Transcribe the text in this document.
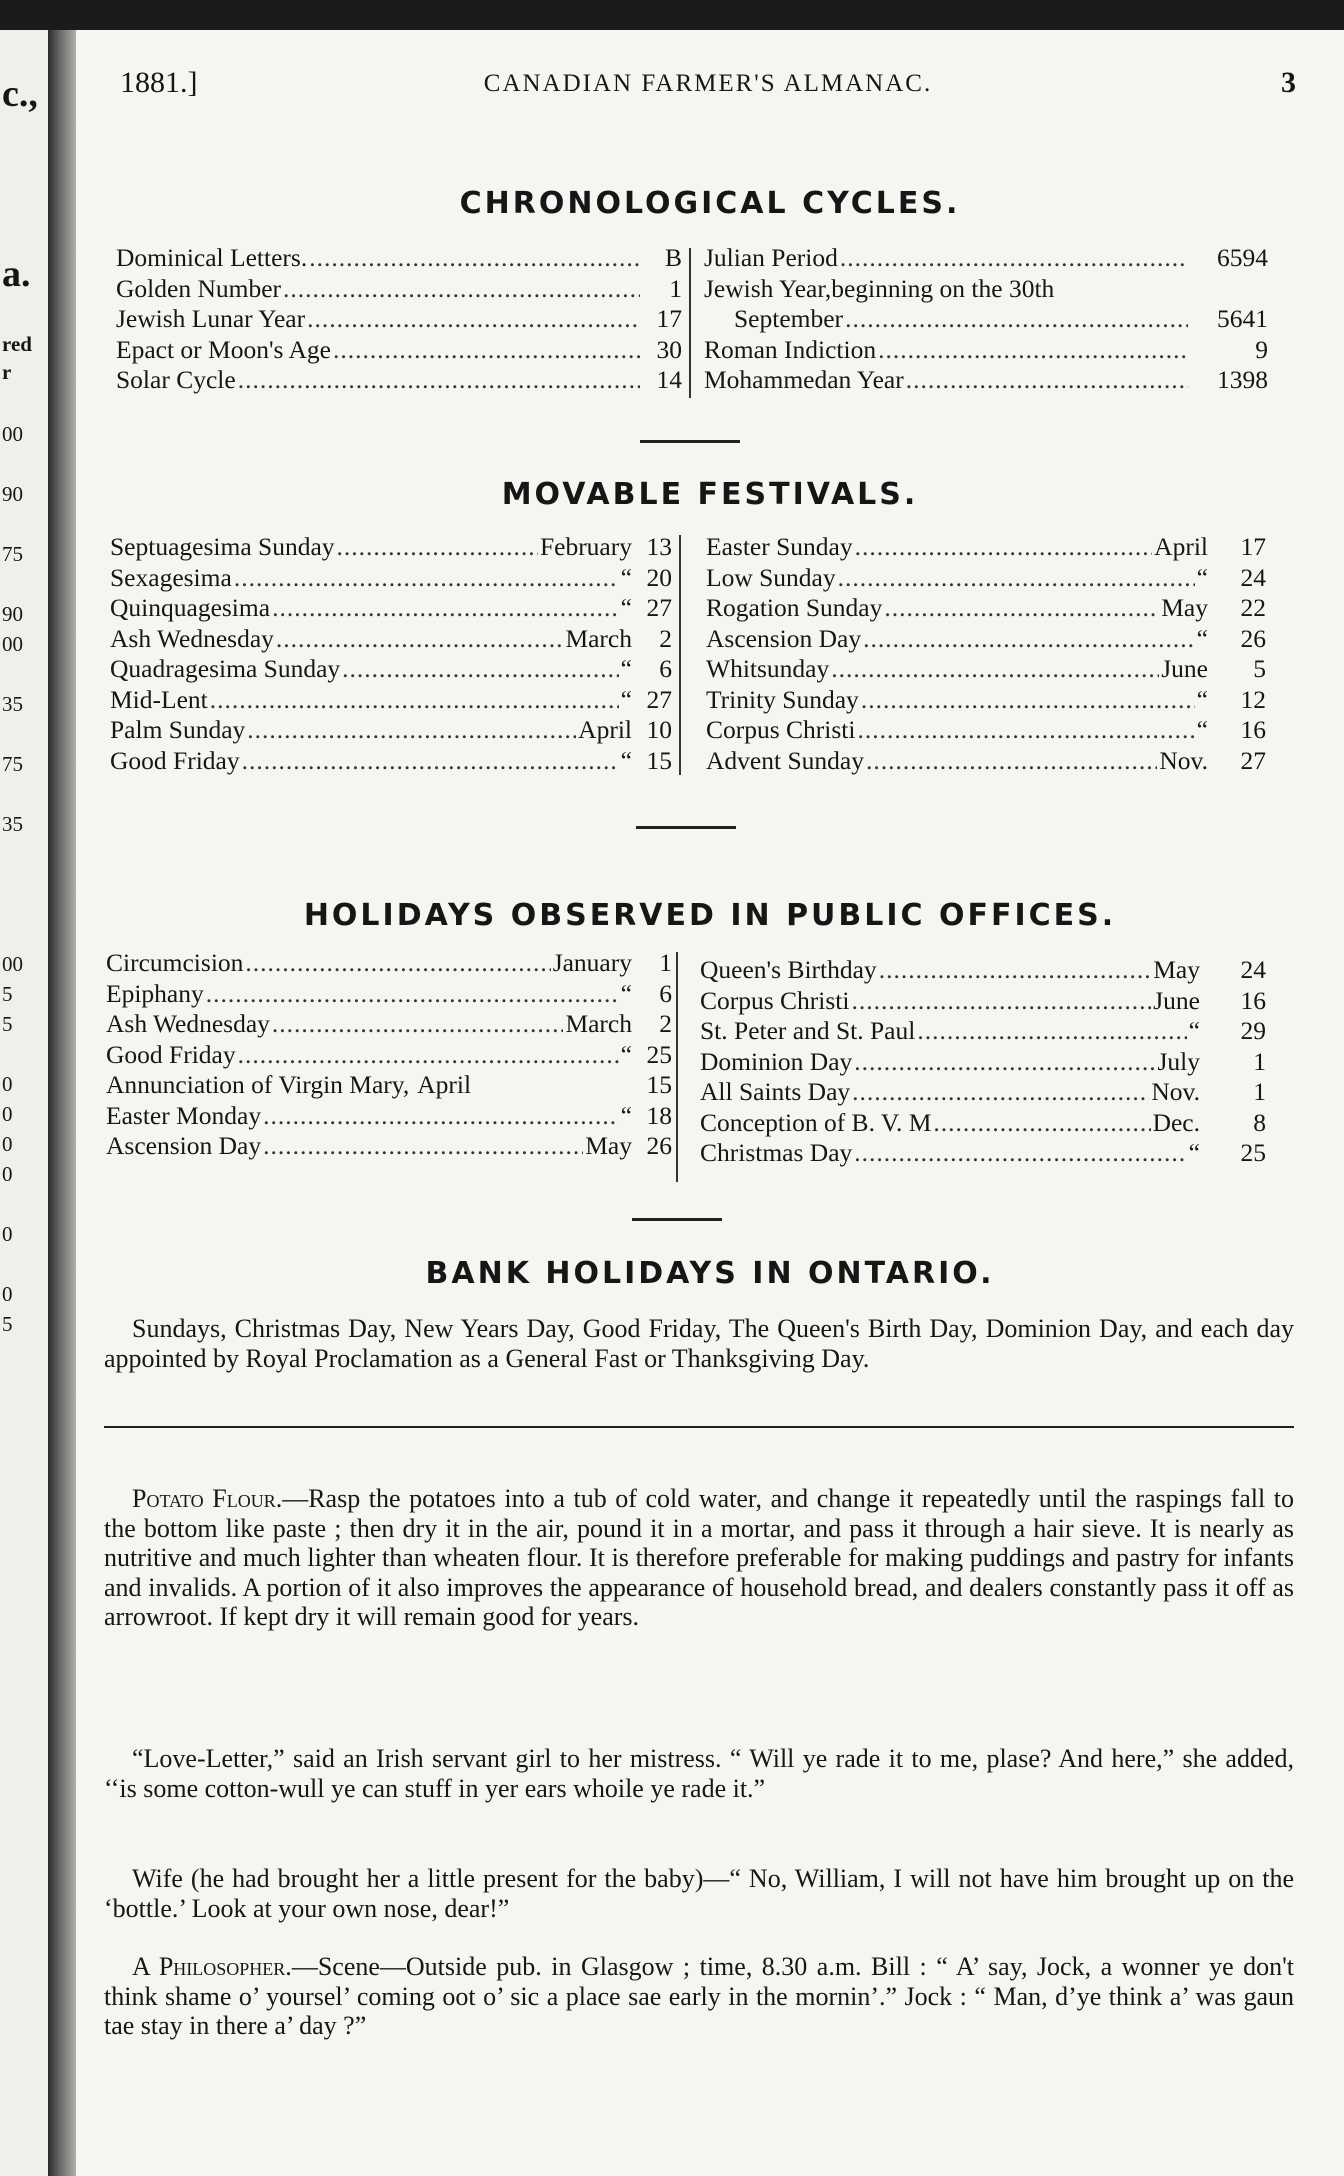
c.,
a.
red
r
00
90
75
90
00
35
75
35
00
5
5
0
0
0
0
0
0
5
1881.]	CANADIAN FARMER'S ALMANAC.	3
CHRONOLOGICAL CYCLES.
Dominical Letters. .....	B
Golden Number .....	1
Jewish Lunar Year .....	17
Epact or Moon's Age .....	30
Solar Cycle .....	14
Julian Period .....	6594
Jewish Year,beginning on the 30th
September .....	5641
Roman Indiction .....	9
Mohammedan Year .....	1398
MOVABLE FESTIVALS.
Septuagesima Sunday .....	February 13
Sexagesima .....	“ 20
Quinquagesima .....	“ 27
Ash Wednesday .....	March	2
Quadragesima Sunday .....	“	6
Mid-Lent .....	“ 27
Palm Sunday .....	April 10
Good Friday .....	“ 15
Easter Sunday .....	April	17
Low Sunday .....	“	24
Rogation Sunday .....	May	22
Ascension Day .....	“	26
Whitsunday .....	June	5
Trinity Sunday .....	“	12
Corpus Christi .....	“	16
Advent Sunday .....	Nov.	27
HOLIDAYS OBSERVED IN PUBLIC OFFICES.
Circumcision .....	January	1
Epiphany .....	“	6
Ash Wednesday .....	March	2
Good Friday .....	“ 25
Annunciation of Virgin Mary, April	15
Easter Monday .....	“ 18
Ascension Day .....	May 26
Queen's Birthday .....	May	24
Corpus Christi .....	June	16
St. Peter and St. Paul .....	“	29
Dominion Day .....	July	1
All Saints Day .....	Nov.	1
Conception of B. V. M .....	Dec.	8
Christmas Day .....	“	25
BANK HOLIDAYS IN ONTARIO.
Sundays, Christmas Day, New Years Day, Good Friday, The Queen's Birth Day, Dominion Day, and each day appointed by Royal Proclamation as a General Fast or Thanksgiving Day.
Potato Flour.—Rasp the potatoes into a tub of cold water, and change it repeatedly until the raspings fall to the bottom like paste ; then dry it in the air, pound it in a mortar, and pass it through a hair sieve. It is nearly as nutritive and much lighter than wheaten flour. It is therefore preferable for making puddings and pastry for infants and invalids. A portion of it also improves the appearance of household bread, and dealers constantly pass it off as arrowroot. If kept dry it will remain good for years.
“Love-Letter,” said an Irish servant girl to her mistress. “ Will ye rade it to me, plase? And here,” she added, ‘‘is some cotton-wull ye can stuff in yer ears whoile ye rade it.”
Wife (he had brought her a little present for the baby)—“ No, William, I will not have him brought up on the ‘bottle.’ Look at your own nose, dear!”
A Philosopher.—Scene—Outside pub. in Glasgow ; time, 8.30 a.m. Bill : “ A’ say, Jock, a wonner ye don't think shame o’ yoursel’ coming oot o’ sic a place sae early in the mornin’.” Jock : “ Man, d’ye think a’ was gaun tae stay in there a’ day ?”
